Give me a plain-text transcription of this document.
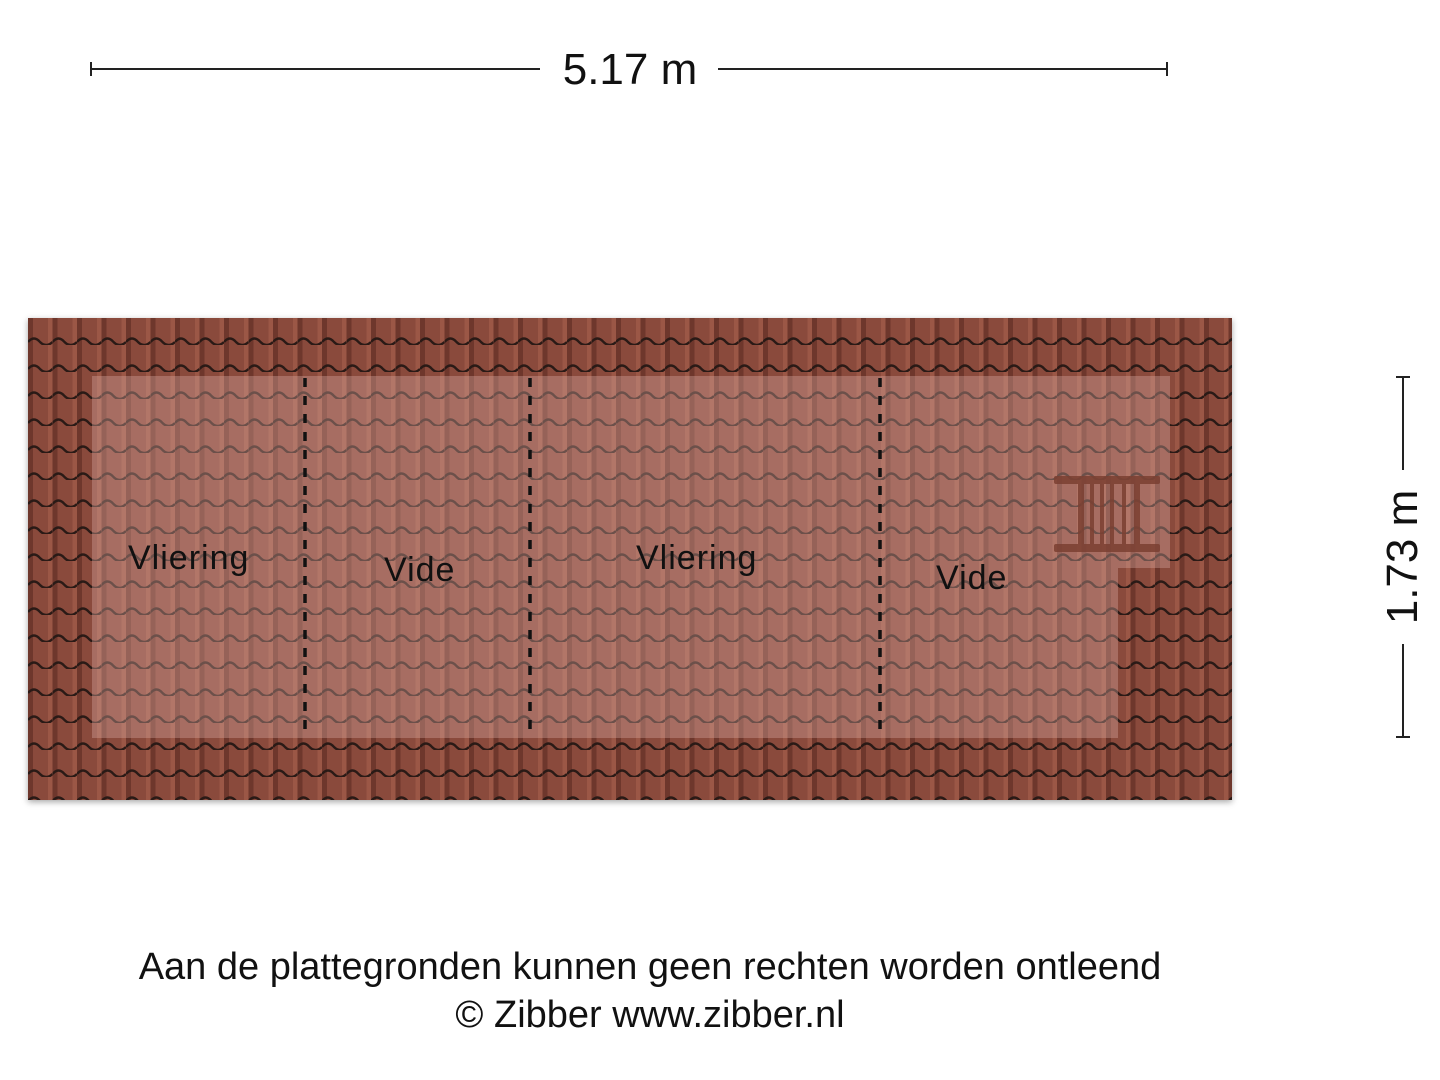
5.17 m
1.73 m
Vliering	Vide	Vliering
Vide
Aan de plattegronden kunnen geen rechten worden ontleend
© Zibber www.zibber.nl
